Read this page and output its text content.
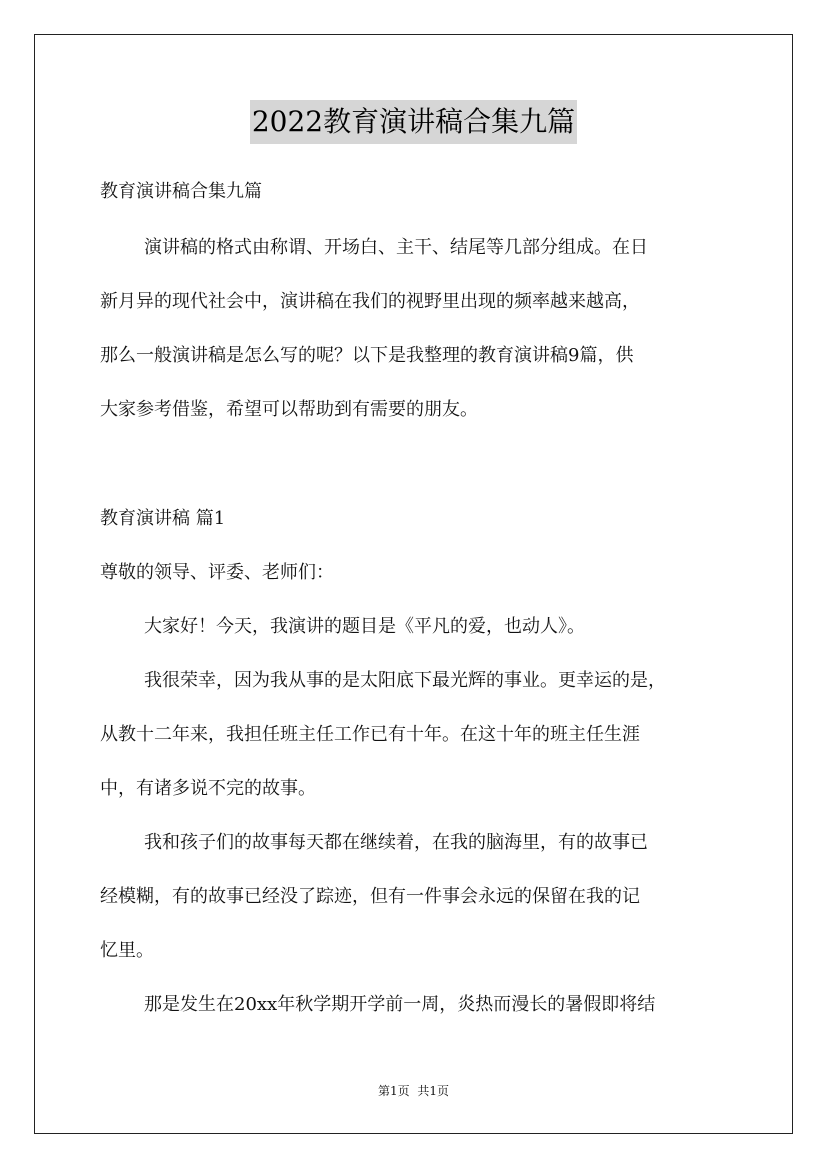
2022教育演讲稿合集九篇
教育演讲稿合集九篇
演讲稿的格式由称谓、开场白、主干、结尾等几部分组成。在日
新月异的现代社会中，演讲稿在我们的视野里出现的频率越来越高，
那么一般演讲稿是怎么写的呢？以下是我整理的教育演讲稿9篇，供
大家参考借鉴，希望可以帮助到有需要的朋友。
教育演讲稿 篇1
尊敬的领导、评委、老师们：
大家好！今天，我演讲的题目是《平凡的爱，也动人》。
我很荣幸，因为我从事的是太阳底下最光辉的事业。更幸运的是，
从教十二年来，我担任班主任工作已有十年。在这十年的班主任生涯
中，有诸多说不完的故事。
我和孩子们的故事每天都在继续着，在我的脑海里，有的故事已
经模糊，有的故事已经没了踪迹，但有一件事会永远的保留在我的记
忆里。
那是发生在20xx年秋学期开学前一周，炎热而漫长的暑假即将结
第1页 共1页
